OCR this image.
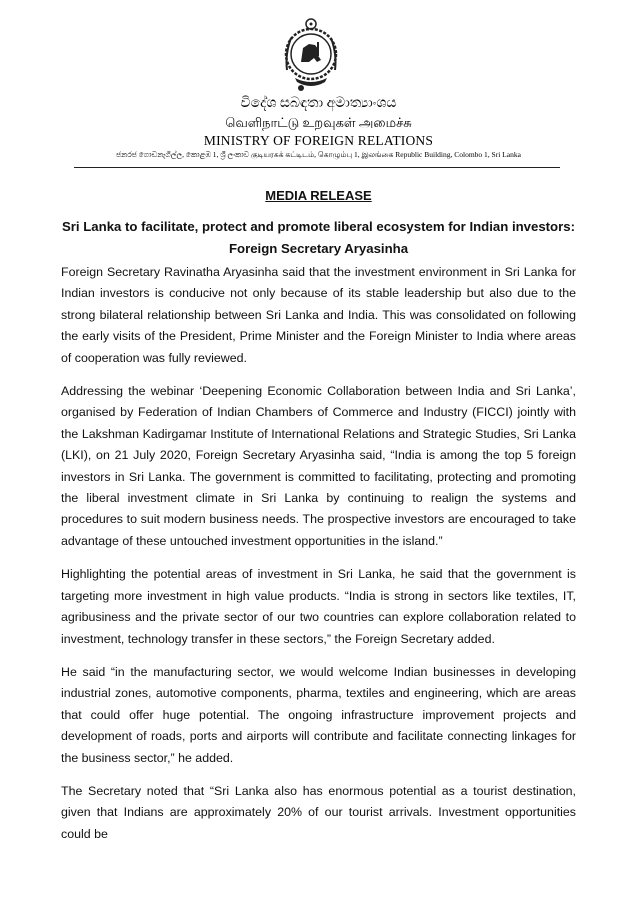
විදේශ සබඳතා අමාත්‍යාංශය
வெளிநாட்டு உறவுகள் அமைச்சு
MINISTRY OF FOREIGN RELATIONS
ජනරජ ගොඩනැගිල්ල, කොළඹ 1, ශ්‍රී ලංකාව குடியரசுக் கட்டிடம், கொழும்பு 1, இலங்கை Republic Building, Colombo 1, Sri Lanka
MEDIA RELEASE
Sri Lanka to facilitate, protect and promote liberal ecosystem for Indian investors:
Foreign Secretary Aryasinha

Foreign Secretary Ravinatha Aryasinha said that the investment environment in Sri Lanka for Indian investors is conducive not only because of its stable leadership but also due to the strong bilateral relationship between Sri Lanka and India. This was consolidated on following the early visits of the President, Prime Minister and the Foreign Minister to India where areas of cooperation was fully reviewed.

Addressing the webinar ‘Deepening Economic Collaboration between India and Sri Lanka’, organised by Federation of Indian Chambers of Commerce and Industry (FICCI) jointly with the Lakshman Kadirgamar Institute of International Relations and Strategic Studies, Sri Lanka (LKI), on 21 July 2020, Foreign Secretary Aryasinha said, “India is among the top 5 foreign investors in Sri Lanka. The government is committed to facilitating, protecting and promoting the liberal investment climate in Sri Lanka by continuing to realign the systems and procedures to suit modern business needs. The prospective investors are encouraged to take advantage of these untouched investment opportunities in the island.”

Highlighting the potential areas of investment in Sri Lanka, he said that the government is targeting more investment in high value products. “India is strong in sectors like textiles, IT, agribusiness and the private sector of our two countries can explore collaboration related to investment, technology transfer in these sectors,” the Foreign Secretary added.

He said “in the manufacturing sector, we would welcome Indian businesses in developing industrial zones, automotive components, pharma, textiles and engineering, which are areas that could offer huge potential. The ongoing infrastructure improvement projects and development of roads, ports and airports will contribute and facilitate connecting linkages for the business sector,” he added.

The Secretary noted that “Sri Lanka also has enormous potential as a tourist destination, given that Indians are approximately 20% of our tourist arrivals. Investment opportunities could be
